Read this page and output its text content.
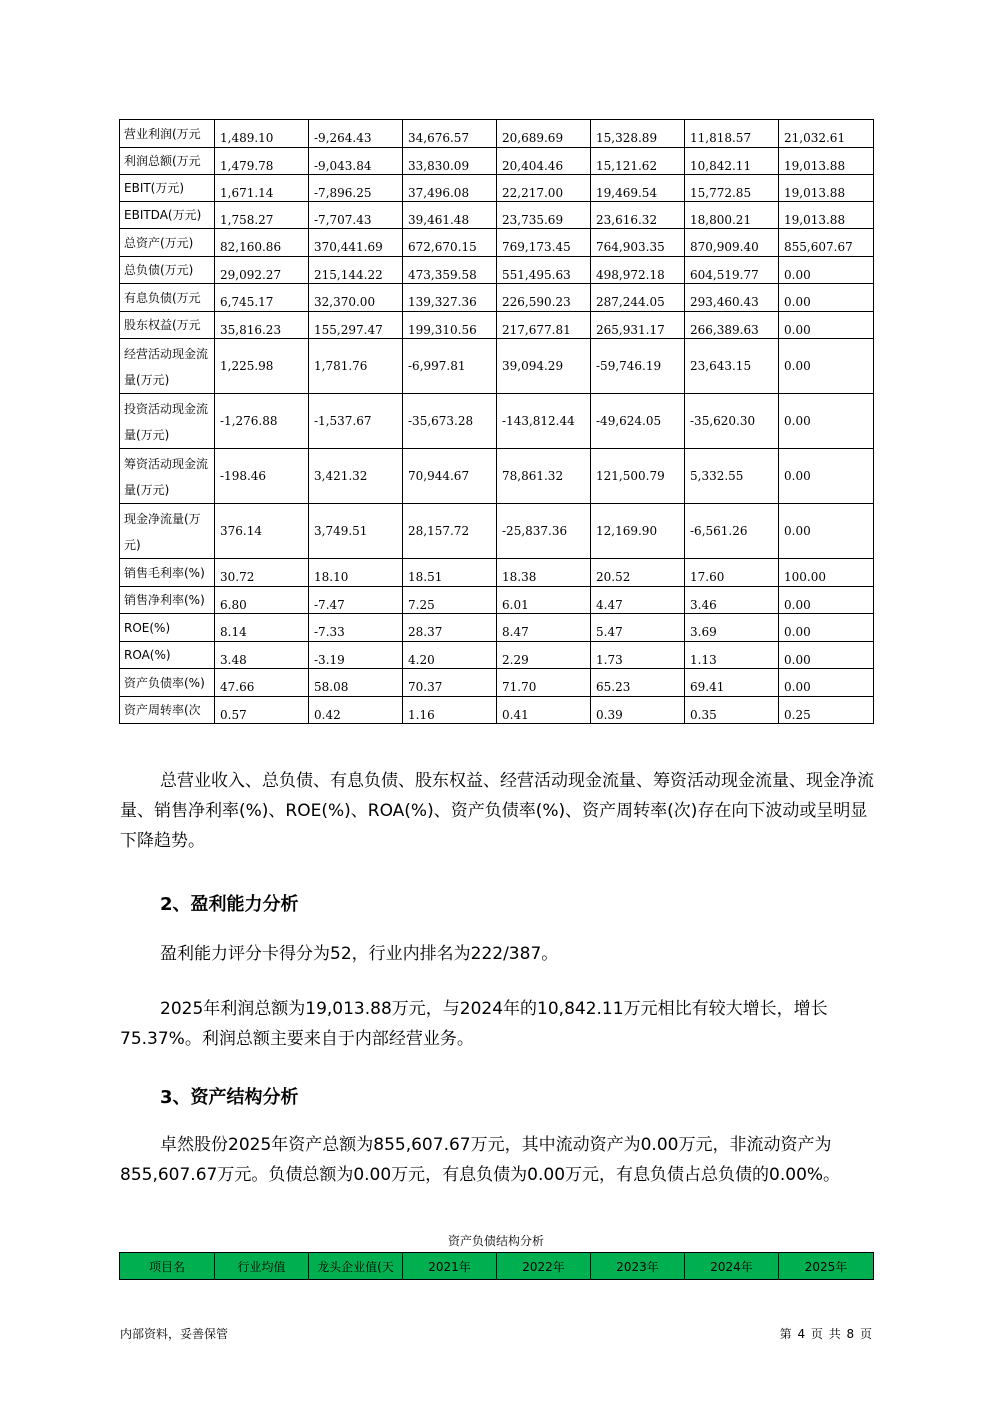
营业利润(万元	1,489.10	-9,264.43	34,676.57	20,689.69	15,328.89	11,818.57	21,032.61
利润总额(万元	1,479.78	-9,043.84	33,830.09	20,404.46	15,121.62	10,842.11	19,013.88
EBIT(万元)	1,671.14	-7,896.25	37,496.08	22,217.00	19,469.54	15,772.85	19,013.88
EBITDA(万元)	1,758.27	-7,707.43	39,461.48	23,735.69	23,616.32	18,800.21	19,013.88
总资产(万元)	82,160.86	370,441.69	672,670.15	769,173.45	764,903.35	870,909.40	855,607.67
总负债(万元)	29,092.27	215,144.22	473,359.58	551,495.63	498,972.18	604,519.77	0.00
有息负债(万元	6,745.17	32,370.00	139,327.36	226,590.23	287,244.05	293,460.43	0.00
股东权益(万元	35,816.23	155,297.47	199,310.56	217,677.81	265,931.17	266,389.63	0.00
经营活动现金流量(万元)	1,225.98	1,781.76	-6,997.81	39,094.29	-59,746.19	23,643.15	0.00
投资活动现金流量(万元)	-1,276.88	-1,537.67	-35,673.28	-143,812.44	-49,624.05	-35,620.30	0.00
筹资活动现金流量(万元)	-198.46	3,421.32	70,944.67	78,861.32	121,500.79	5,332.55	0.00
现金净流量(万元)	376.14	3,749.51	28,157.72	-25,837.36	12,169.90	-6,561.26	0.00
销售毛利率(%)	30.72	18.10	18.51	18.38	20.52	17.60	100.00
销售净利率(%)	6.80	-7.47	7.25	6.01	4.47	3.46	0.00
ROE(%)	8.14	-7.33	28.37	8.47	5.47	3.69	0.00
ROA(%)	3.48	-3.19	4.20	2.29	1.73	1.13	0.00
资产负债率(%)	47.66	58.08	70.37	71.70	65.23	69.41	0.00
资产周转率(次	0.57	0.42	1.16	0.41	0.39	0.35	0.25

总营业收入、总负债、有息负债、股东权益、经营活动现金流量、筹资活动现金流量、现金净流量、销售净利率(%)、ROE(%)、ROA(%)、资产负债率(%)、资产周转率(次)存在向下波动或呈明显下降趋势。

2、盈利能力分析

盈利能力评分卡得分为52，行业内排名为222/387。

2025年利润总额为19,013.88万元，与2024年的10,842.11万元相比有较大增长，增长75.37%。利润总额主要来自于内部经营业务。

3、资产结构分析

卓然股份2025年资产总额为855,607.67万元，其中流动资产为0.00万元，非流动资产为855,607.67万元。负债总额为0.00万元，有息负债为0.00万元，有息负债占总负债的0.00%。

资产负债结构分析
项目名	行业均值	龙头企业值(天	2021年	2022年	2023年	2024年	2025年
内部资料，妥善保管	第 4 页 共 8 页
